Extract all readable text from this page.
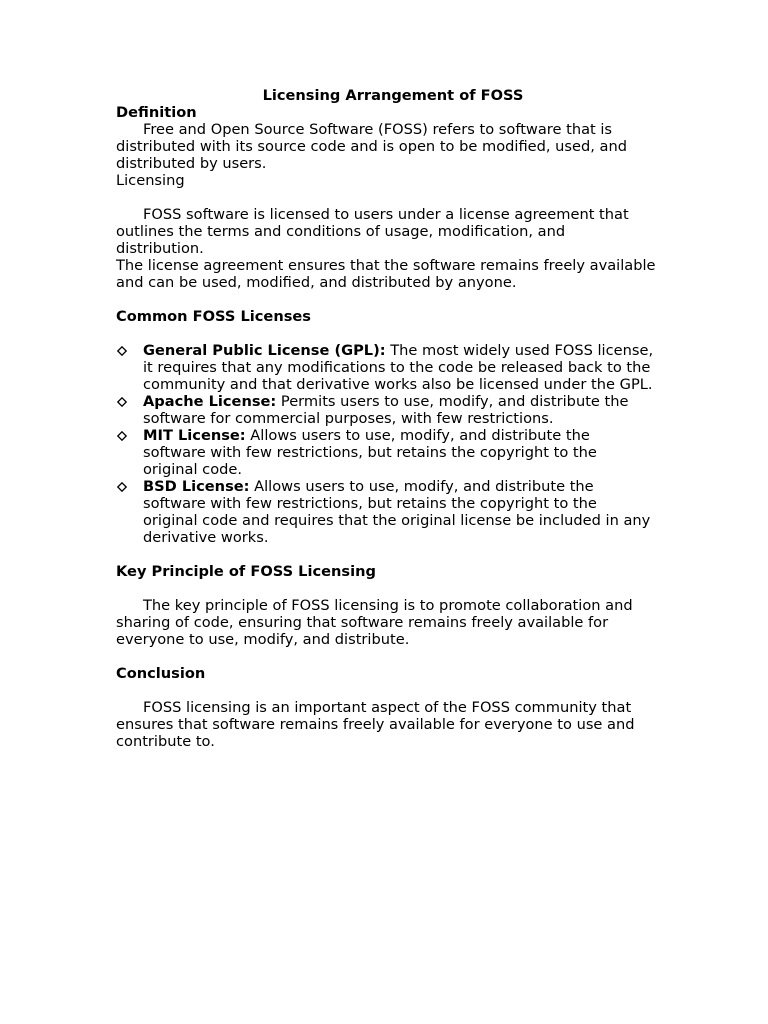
Licensing Arrangement of FOSS

Definition

Free and Open Source Software (FOSS) refers to software that is distributed with its source code and is open to be modified, used, and distributed by users.

Licensing

FOSS software is licensed to users under a license agreement that outlines the terms and conditions of usage, modification, and distribution.

The license agreement ensures that the software remains freely available and can be used, modified, and distributed by anyone.

Common FOSS Licenses

General Public License (GPL): The most widely used FOSS license, it requires that any modifications to the code be released back to the community and that derivative works also be licensed under the GPL.
Apache License: Permits users to use, modify, and distribute the software for commercial purposes, with few restrictions.
MIT License: Allows users to use, modify, and distribute the software with few restrictions, but retains the copyright to the original code.
BSD License: Allows users to use, modify, and distribute the software with few restrictions, but retains the copyright to the original code and requires that the original license be included in any derivative works.

Key Principle of FOSS Licensing

The key principle of FOSS licensing is to promote collaboration and sharing of code, ensuring that software remains freely available for everyone to use, modify, and distribute.

Conclusion

FOSS licensing is an important aspect of the FOSS community that ensures that software remains freely available for everyone to use and contribute to.
